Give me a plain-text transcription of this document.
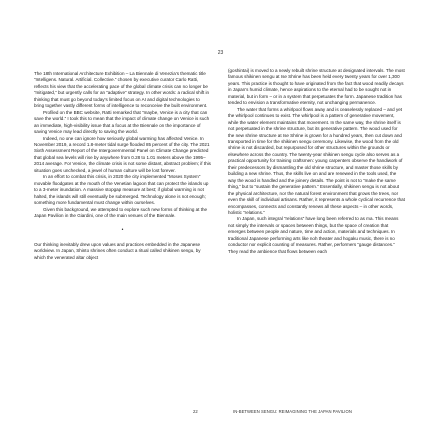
23

The 18th International Architecture Exhibition – La Biennale di Venezia’s thematic title “Intelligens. Natural. Artificial. Collective.” chosen by executive curator Carlo Ratti, reflects his view that the accelerating pace of the global climate crisis can no longer be “mitigated,” but urgently calls for an “adaptive” strategy. In other words: a radical shift in thinking that must go beyond today’s limited focus on AI and digital technologies to bring together vastly different forms of intelligence to reconceive the built environment.

Profiled on the BBC website, Ratti remarked that “maybe, Venice is a city that can save the world.” I took this to mean that the impact of climate change on Venice is such an immediate, high-visibility issue that a focus at the Biennale on the importance of saving Venice may lead directly to saving the world.

Indeed, no one can ignore how seriously global warming has affected Venice. In November 2019, a record 1.8-meter tidal surge flooded 85 percent of the city. The 2021 Sixth Assessment Report of the Intergovernmental Panel on Climate Change predicted that global sea levels will rise by anywhere from 0.28 to 1.01 meters above the 1995–2014 average. For Venice, the climate crisis is not some distant, abstract problem; if this situation goes unchecked, a jewel of human culture will be lost forever.

In an effort to combat this crisis, in 2020 the city implemented “Moses System” movable floodgates at the mouth of the Venetian lagoon that can protect the islands up to a 3-meter inundation. A massive stopgap measure at best; if global warming is not halted, the islands will still eventually be submerged. Technology alone is not enough; something more fundamental must change within ourselves.

Given this background, we attempted to explore such new forms of thinking at the Japan Pavilion in the Giardini, one of the main venues of the Biennale.

•

Our thinking inevitably drew upon values and practices embedded in the Japanese worldview. In Japan, Shinto shrines often conduct a ritual called shikinen sengu, by which the venerated altar object

(goshintai) is moved to a newly rebuilt shrine structure at designated intervals. The most famous shikinen sengu at Ise Shrine has been held every twenty years for over 1,300 years. This practice is thought to have originated from the fact that wood readily decays in Japan’s humid climate, hence aspirations to the eternal had to be sought not in material, but in form – or in a system that perpetuates the form. Japanese tradition has tended to envision a transformative eternity, not unchanging permanence.

The water that forms a whirlpool flows away and is ceaselessly replaced – and yet the whirlpool continues to exist. The whirlpool is a pattern of generative movement, while the water element maintains that movement. In the same way, the shrine itself is not perpetuated in the shrine structure, but its generative pattern. The wood used for the new shrine structure at Ise Shrine is grown for a hundred years, then cut down and transported in time for the shikinen sengu ceremony. Likewise, the wood from the old shrine is not discarded, but repurposed for other structures within the grounds or elsewhere across the country. The twenty-year shikinen sengu cycle also serves as a practical opportunity for training craftsmen: young carpenters observe the handiwork of their predecessors by dismantling the old shrine structure, and master those skills by building a new shrine. Thus, the skills live on and are renewed in the tools used, the way the wood is handled and the joinery details. The point is not to “make the same thing,” but to “sustain the generative pattern.” Essentially, shikinen sengu is not about the physical architecture, nor the natural forest environment that grows the trees, nor even the skill of individual artisans. Rather, it represents a whole cyclical recurrence that encompasses, connects and constantly renews all these aspects – in other words, holistic “relations.”

In Japan, such integral “relations” have long been referred to as ma. This means not simply the intervals or spaces between things, but the space of creation that emerges between people and nature, time and action, materials and techniques. In traditional Japanese performing arts like noh theater and hogaku music, there is no conductor nor explicit counting of measures. Rather, performers “gauge distances.” They read the ambience that flows between each

22	IN-BETWEEN SENGU: REIMAGINING THE JAPAN PAVILION
